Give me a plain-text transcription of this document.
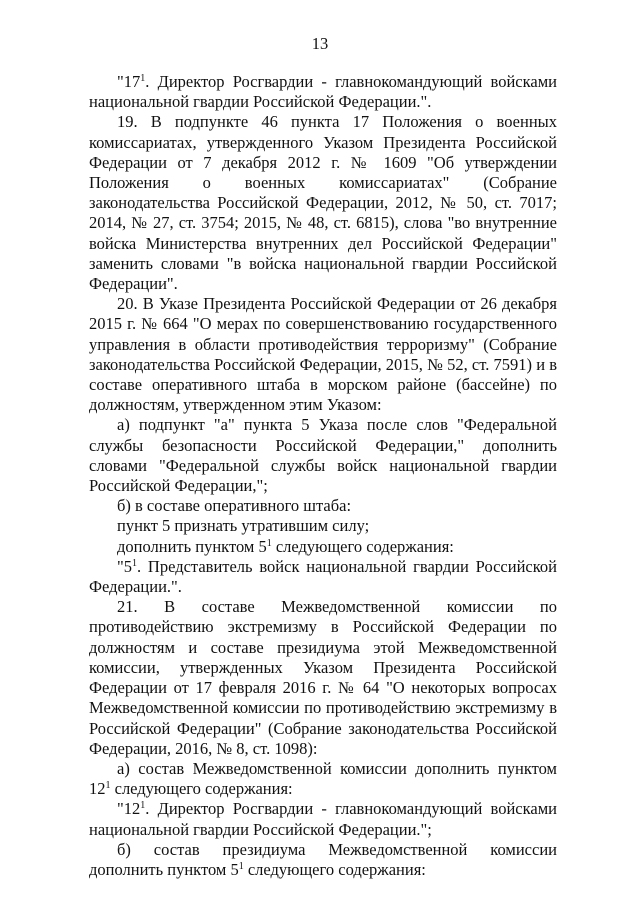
13

"$17^1$. Директор Росгвардии - главнокомандующий войсками национальной гвардии Российской Федерации.".

19. В подпункте 46 пункта 17 Положения о военных комиссариатах, утвержденного Указом Президента Российской Федерации от 7 декабря 2012 г. № 1609 "Об утверждении Положения о военных комиссариатах" (Собрание законодательства Российской Федерации, 2012, № 50, ст. 7017; 2014, № 27, ст. 3754; 2015, № 48, ст. 6815), слова "во внутренние войска Министерства внутренних дел Российской Федерации" заменить словами "в войска национальной гвардии Российской Федерации".

20. В Указе Президента Российской Федерации от 26 декабря 2015 г. № 664 "О мерах по совершенствованию государственного управления в области противодействия терроризму" (Собрание законодательства Российской Федерации, 2015, № 52, ст. 7591) и в составе оперативного штаба в морском районе (бассейне) по должностям, утвержденном этим Указом:

а) подпункт "а" пункта 5 Указа после слов "Федеральной службы безопасности Российской Федерации," дополнить словами "Федеральной службы войск национальной гвардии Российской Федерации,";

б) в составе оперативного штаба:

пункт 5 признать утратившим силу;

дополнить пунктом $5^1$ следующего содержания:

"$5^1$. Представитель войск национальной гвардии Российской Федерации.".

21. В составе Межведомственной комиссии по противодействию экстремизму в Российской Федерации по должностям и составе президиума этой Межведомственной комиссии, утвержденных Указом Президента Российской Федерации от 17 февраля 2016 г. № 64 "О некоторых вопросах Межведомственной комиссии по противодействию экстремизму в Российской Федерации" (Собрание законодательства Российской Федерации, 2016, № 8, ст. 1098):

а) состав Межведомственной комиссии дополнить пунктом $12^1$ следующего содержания:

"$12^1$. Директор Росгвардии - главнокомандующий войсками национальной гвардии Российской Федерации.";

б) состав президиума Межведомственной комиссии дополнить пунктом $5^1$ следующего содержания:
